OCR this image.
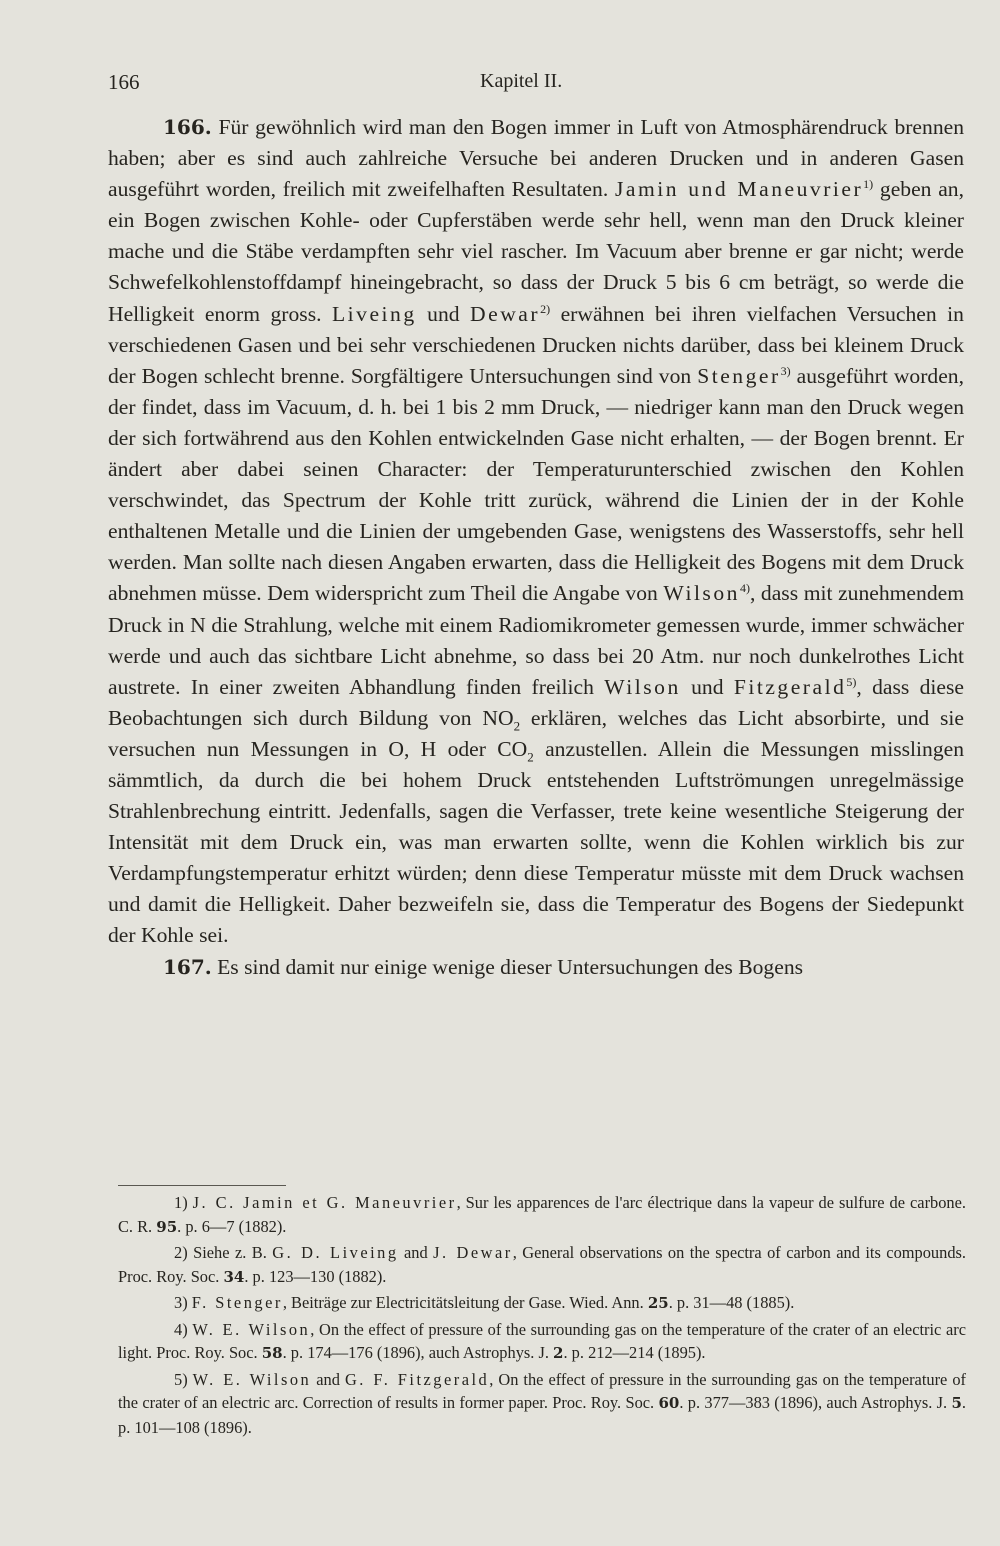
166	Kapitel II.

166. Für gewöhnlich wird man den Bogen immer in Luft von Atmosphärendruck brennen haben; aber es sind auch zahlreiche Versuche bei anderen Drucken und in anderen Gasen ausgeführt worden, freilich mit zweifelhaften Resultaten. Jamin und Maneuvrier$^{1)}$ geben an, ein Bogen zwischen Kohle- oder Cupferstäben werde sehr hell, wenn man den Druck kleiner mache und die Stäbe verdampften sehr viel rascher. Im Vacuum aber brenne er gar nicht; werde Schwefelkohlenstoffdampf hineingebracht, so dass der Druck 5 bis 6 cm beträgt, so werde die Helligkeit enorm gross. Liveing und Dewar$^{2)}$ erwähnen bei ihren vielfachen Versuchen in verschiedenen Gasen und bei sehr verschiedenen Drucken nichts darüber, dass bei kleinem Druck der Bogen schlecht brenne. Sorgfältigere Untersuchungen sind von Stenger$^{3)}$ ausgeführt worden, der findet, dass im Vacuum, d. h. bei 1 bis 2 mm Druck, — niedriger kann man den Druck wegen der sich fortwährend aus den Kohlen entwickelnden Gase nicht erhalten, — der Bogen brennt. Er ändert aber dabei seinen Character: der Temperaturunterschied zwischen den Kohlen verschwindet, das Spectrum der Kohle tritt zurück, während die Linien der in der Kohle enthaltenen Metalle und die Linien der umgebenden Gase, wenigstens des Wasserstoffs, sehr hell werden. Man sollte nach diesen Angaben erwarten, dass die Helligkeit des Bogens mit dem Druck abnehmen müsse. Dem widerspricht zum Theil die Angabe von Wilson$^{4)}$, dass mit zunehmendem Druck in N die Strahlung, welche mit einem Radiomikrometer gemessen wurde, immer schwächer werde und auch das sichtbare Licht abnehme, so dass bei 20 Atm. nur noch dunkelrothes Licht austrete. In einer zweiten Abhandlung finden freilich Wilson und Fitzgerald$^{5)}$, dass diese Beobachtungen sich durch Bildung von $NO_2$ erklären, welches das Licht absorbirte, und sie versuchen nun Messungen in O, H oder $CO_2$ anzustellen. Allein die Messungen misslingen sämmtlich, da durch die bei hohem Druck entstehenden Luftströmungen unregelmässige Strahlenbrechung eintritt. Jedenfalls, sagen die Verfasser, trete keine wesentliche Steigerung der Intensität mit dem Druck ein, was man erwarten sollte, wenn die Kohlen wirklich bis zur Verdampfungstemperatur erhitzt würden; denn diese Temperatur müsste mit dem Druck wachsen und damit die Helligkeit. Daher bezweifeln sie, dass die Temperatur des Bogens der Siedepunkt der Kohle sei.

167. Es sind damit nur einige wenige dieser Untersuchungen des Bogens

1) J. C. Jamin et G. Maneuvrier, Sur les apparences de l'arc électrique dans la vapeur de sulfure de carbone. C. R. 95. p. 6—7 (1882).

2) Siehe z. B. G. D. Liveing and J. Dewar, General observations on the spectra of carbon and its compounds. Proc. Roy. Soc. 34. p. 123—130 (1882).

3) F. Stenger, Beiträge zur Electricitätsleitung der Gase. Wied. Ann. 25. p. 31—48 (1885).

4) W. E. Wilson, On the effect of pressure of the surrounding gas on the temperature of the crater of an electric arc light. Proc. Roy. Soc. 58. p. 174—176 (1896), auch Astrophys. J. 2. p. 212—214 (1895).

5) W. E. Wilson and G. F. Fitzgerald, On the effect of pressure in the surrounding gas on the temperature of the crater of an electric arc. Correction of results in former paper. Proc. Roy. Soc. 60. p. 377—383 (1896), auch Astrophys. J. 5. p. 101—108 (1896).
